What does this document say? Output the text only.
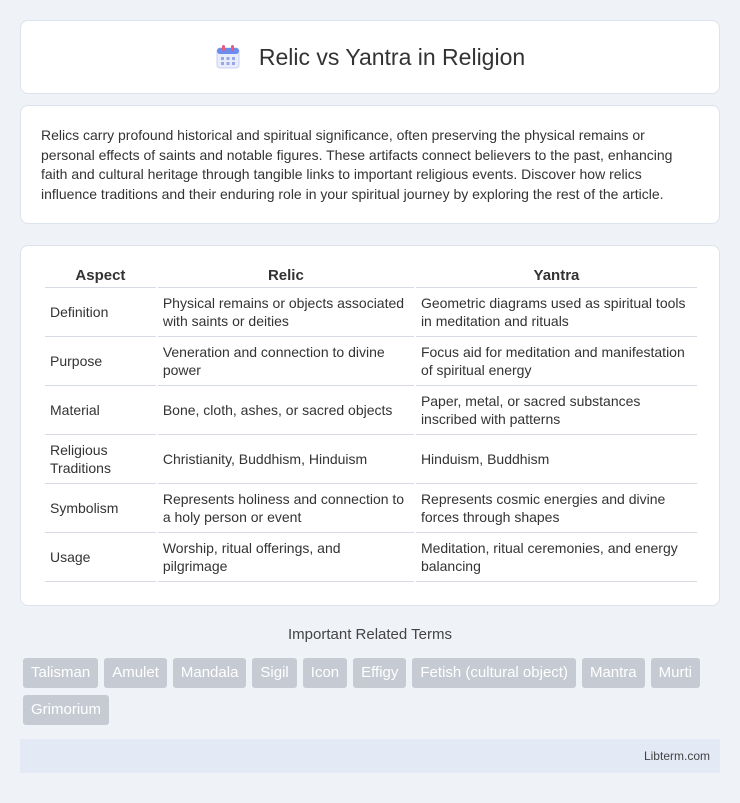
Relic vs Yantra in Religion

Relics carry profound historical and spiritual significance, often preserving the physical remains or personal effects of saints and notable figures. These artifacts connect believers to the past, enhancing faith and cultural heritage through tangible links to important religious events. Discover how relics influence traditions and their enduring role in your spiritual journey by exploring the rest of the article.

Aspect	Relic	Yantra
Definition	Physical remains or objects associated with saints or deities	Geometric diagrams used as spiritual tools in meditation and rituals
Purpose	Veneration and connection to divine power	Focus aid for meditation and manifestation of spiritual energy
Material	Bone, cloth, ashes, or sacred objects	Paper, metal, or sacred substances inscribed with patterns
Religious Traditions	Christianity, Buddhism, Hinduism	Hinduism, Buddhism
Symbolism	Represents holiness and connection to a holy person or event	Represents cosmic energies and divine forces through shapes
Usage	Worship, ritual offerings, and pilgrimage	Meditation, ritual ceremonies, and energy balancing
Important Related Terms
Talisman	Amulet	Mandala	Sigil	Icon	Effigy	Fetish (cultural object)	Mantra	Murti
Grimorium
Libterm.com
